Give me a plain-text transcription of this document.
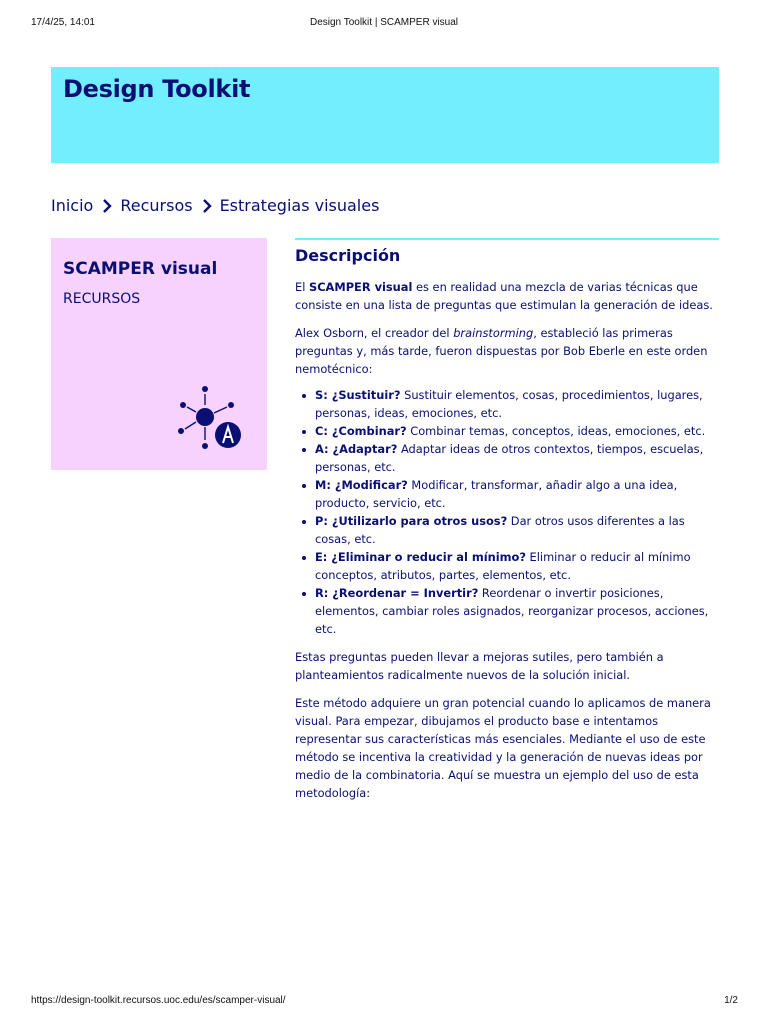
17/4/25, 14:01	Design Toolkit | SCAMPER visual
Design Toolkit
Inicio Recursos Estrategias visuales
SCAMPER visual
RECURSOS
Descripción

El SCAMPER visual es en realidad una mezcla de varias técnicas que consiste en una lista de preguntas que estimulan la generación de ideas.

Alex Osborn, el creador del brainstorming, estableció las primeras preguntas y, más tarde, fueron dispuestas por Bob Eberle en este orden nemotécnico:

S: ¿Sustituir? Sustituir elementos, cosas, procedimientos, lugares, personas, ideas, emociones, etc.
C: ¿Combinar? Combinar temas, conceptos, ideas, emociones, etc.
A: ¿Adaptar? Adaptar ideas de otros contextos, tiempos, escuelas, personas, etc.
M: ¿Modificar? Modificar, transformar, añadir algo a una idea, producto, servicio, etc.
P: ¿Utilizarlo para otros usos? Dar otros usos diferentes a las cosas, etc.
E: ¿Eliminar o reducir al mínimo? Eliminar o reducir al mínimo conceptos, atributos, partes, elementos, etc.
R: ¿Reordenar = Invertir? Reordenar o invertir posiciones, elementos, cambiar roles asignados, reorganizar procesos, acciones, etc.

Estas preguntas pueden llevar a mejoras sutiles, pero también a planteamientos radicalmente nuevos de la solución inicial.

Este método adquiere un gran potencial cuando lo aplicamos de manera visual. Para empezar, dibujamos el producto base e intentamos representar sus características más esenciales. Mediante el uso de este método se incentiva la creatividad y la generación de nuevas ideas por medio de la combinatoria. Aquí se muestra un ejemplo del uso de esta metodología:

https://design-toolkit.recursos.uoc.edu/es/scamper-visual/	1/2
